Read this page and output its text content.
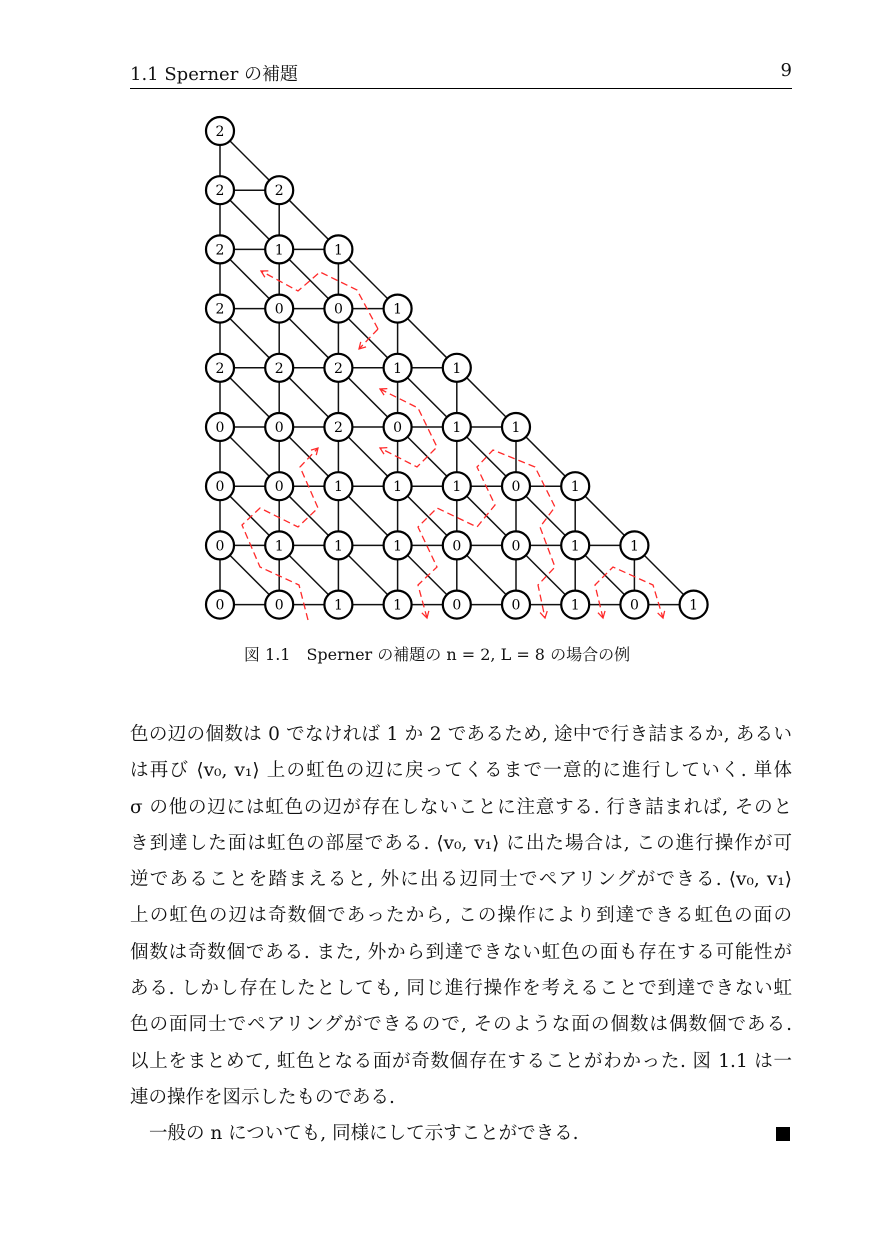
1.1 Sperner の補題	9
2
2	2
2	1	1
2	0	0	1
2	2	2	1	1
0	0	2	0	1	1
0	0	1	1	1	0	1
0	1	1	1	0	0	1	1
0	0	1	1	0	0	1	0	1
図 1.1　Sperner の補題の n = 2, L = 8 の場合の例
色の辺の個数は 0 でなければ 1 か 2 であるため, 途中で行き詰まるか, あるい
は再び ⟨v₀, v₁⟩ 上の虹色の辺に戻ってくるまで一意的に進行していく. 単体
σ の他の辺には虹色の辺が存在しないことに注意する. 行き詰まれば, そのと
き到達した面は虹色の部屋である. ⟨v₀, v₁⟩ に出た場合は, この進行操作が可
逆であることを踏まえると, 外に出る辺同士でペアリングができる. ⟨v₀, v₁⟩
上の虹色の辺は奇数個であったから, この操作により到達できる虹色の面の
個数は奇数個である. また, 外から到達できない虹色の面も存在する可能性が
ある. しかし存在したとしても, 同じ進行操作を考えることで到達できない虹
色の面同士でペアリングができるので, そのような面の個数は偶数個である.
以上をまとめて, 虹色となる面が奇数個存在することがわかった. 図 1.1 は一
連の操作を図示したものである.
一般の n についても, 同様にして示すことができる.
